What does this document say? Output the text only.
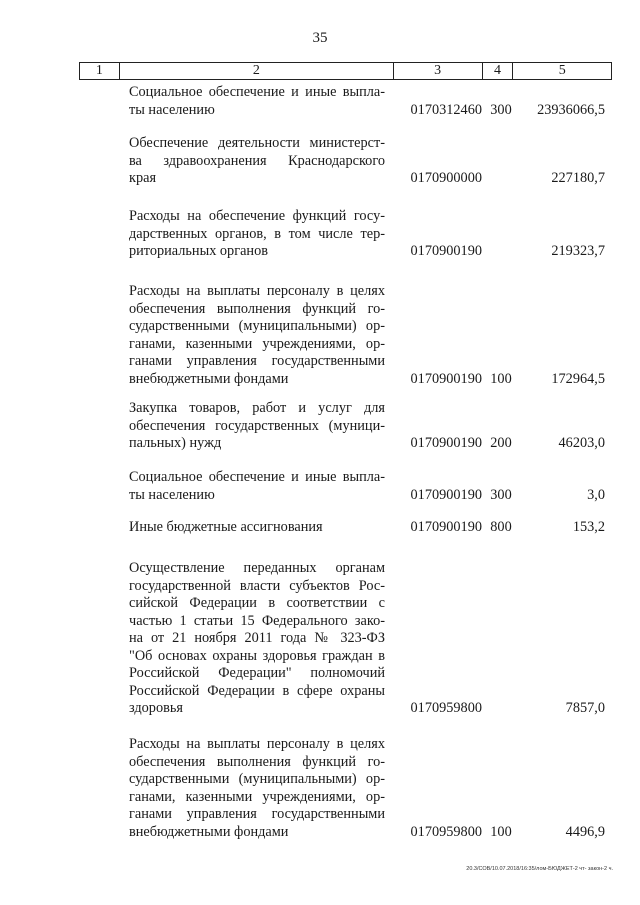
35
1	2	3	4	5
Социальное обеспечение и иные выпла-
ты населению	0170312460 300	23936066,5
Обеспечение деятельности министерст-
ва здравоохранения Краснодарского
края	0170900000	227180,7
Расходы на обеспечение функций госу-
дарственных органов, в том числе тер-
риториальных органов	0170900190	219323,7
Расходы на выплаты персоналу в целях
обеспечения выполнения функций го-
сударственными (муниципальными) ор-
ганами, казенными учреждениями, ор-
ганами управления государственными
внебюджетными фондами	0170900190 100	172964,5
Закупка товаров, работ и услуг для
обеспечения государственных (муници-
пальных) нужд	0170900190 200	46203,0
Социальное обеспечение и иные выпла-
ты населению	0170900190 300	3,0
Иные бюджетные ассигнования	0170900190 800	153,2
Осуществление переданных органам
государственной власти субъектов Рос-
сийской Федерации в соответствии с
частью 1 статьи 15 Федерального зако-
на от 21 ноября 2011 года № 323-ФЗ
"Об основах охраны здоровья граждан в
Российской Федерации" полномочий
Российской Федерации в сфере охраны
здоровья	0170959800	7857,0
Расходы на выплаты персоналу в целях
обеспечения выполнения функций го-
сударственными (муниципальными) ор-
ганами, казенными учреждениями, ор-
ганами управления государственными
внебюджетными фондами	0170959800 100	4496,9
20.3/СОВ/10.07.2018/16:35/лом-БЮДЖЕТ-2 чт- закон-2 ч.
